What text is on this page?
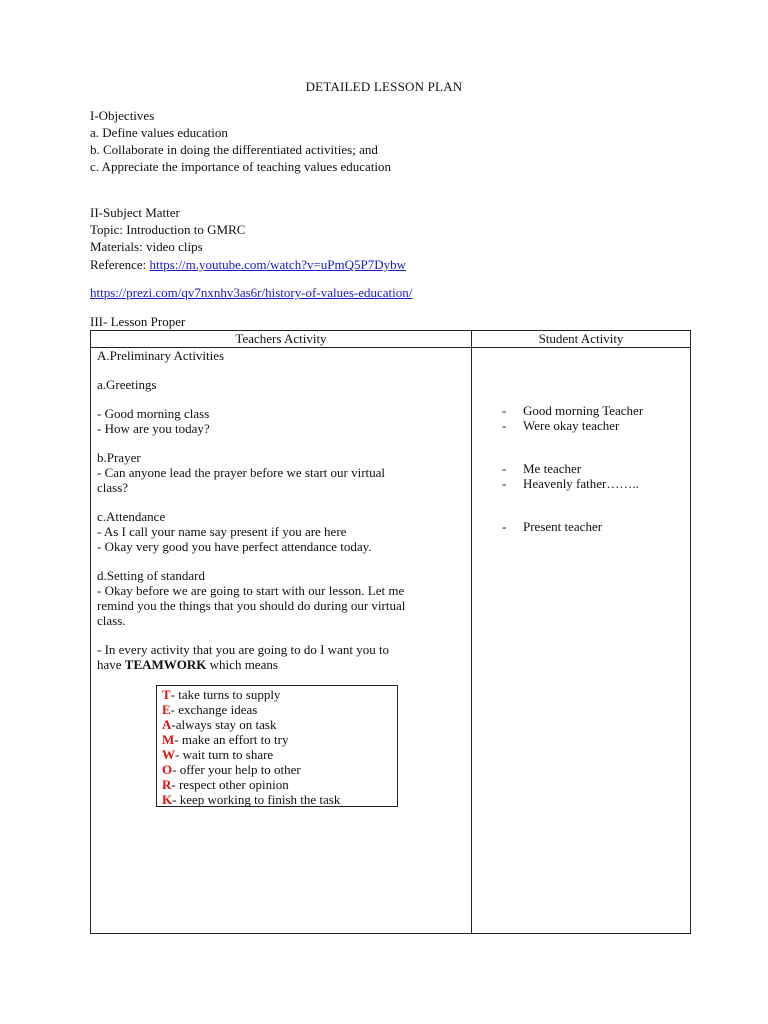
DETAILED LESSON PLAN
I-Objectives
a. Define values education
b. Collaborate in doing the differentiated activities; and
c. Appreciate the importance of teaching values education
II-Subject Matter
Topic: Introduction to GMRC
Materials: video clips
Reference: https://m.youtube.com/watch?v=uPmQ5P7Dybw
https://prezi.com/qv7nxnhv3as6r/history-of-values-education/
III- Lesson Proper
Teachers Activity	Student Activity
A.Preliminary Activities
a.Greetings
- Good morning class
- How are you today?
b.Prayer
- Can anyone lead the prayer before we start our virtual
class?
c.Attendance
- As I call your name say present if you are here
- Okay very good you have perfect attendance today.
d.Setting of standard
- Okay before we are going to start with our lesson. Let me
remind you the things that you should do during our virtual
class.
- In every activity that you are going to do I want you to
have TEAMWORK which means
T- take turns to supply
E- exchange ideas
A-always stay on task
M- make an effort to try
W- wait turn to share
O- offer your help to other
R- respect other opinion
K- keep working to finish the task
- Good morning Teacher
- Were okay teacher
- Me teacher
- Heavenly father……..
- Present teacher
